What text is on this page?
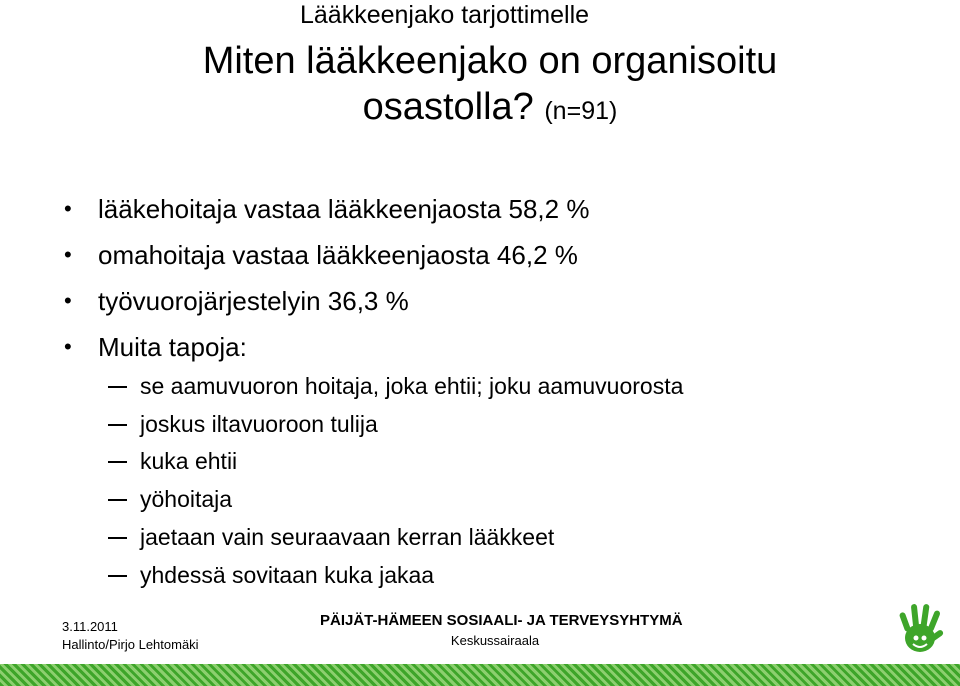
Lääkkeenjako tarjottimelle
Miten lääkkeenjako on organisoitu
osastolla? (n=91)
• lääkehoitaja vastaa lääkkeenjaosta 58,2 %
• omahoitaja vastaa lääkkeenjaosta 46,2 %
• työvuorojärjestelyin 36,3 %
• Muita tapoja:
se aamuvuoron hoitaja, joka ehtii; joku aamuvuorosta
joskus iltavuoroon tulija
kuka ehtii
yöhoitaja
jaetaan vain seuraavaan kerran lääkkeet
yhdessä sovitaan kuka jakaa
3.11.2011
Hallinto/Pirjo Lehtomäki
PÄIJÄT-HÄMEEN SOSIAALI- JA TERVEYSYHTYMÄ
Keskussairaala
